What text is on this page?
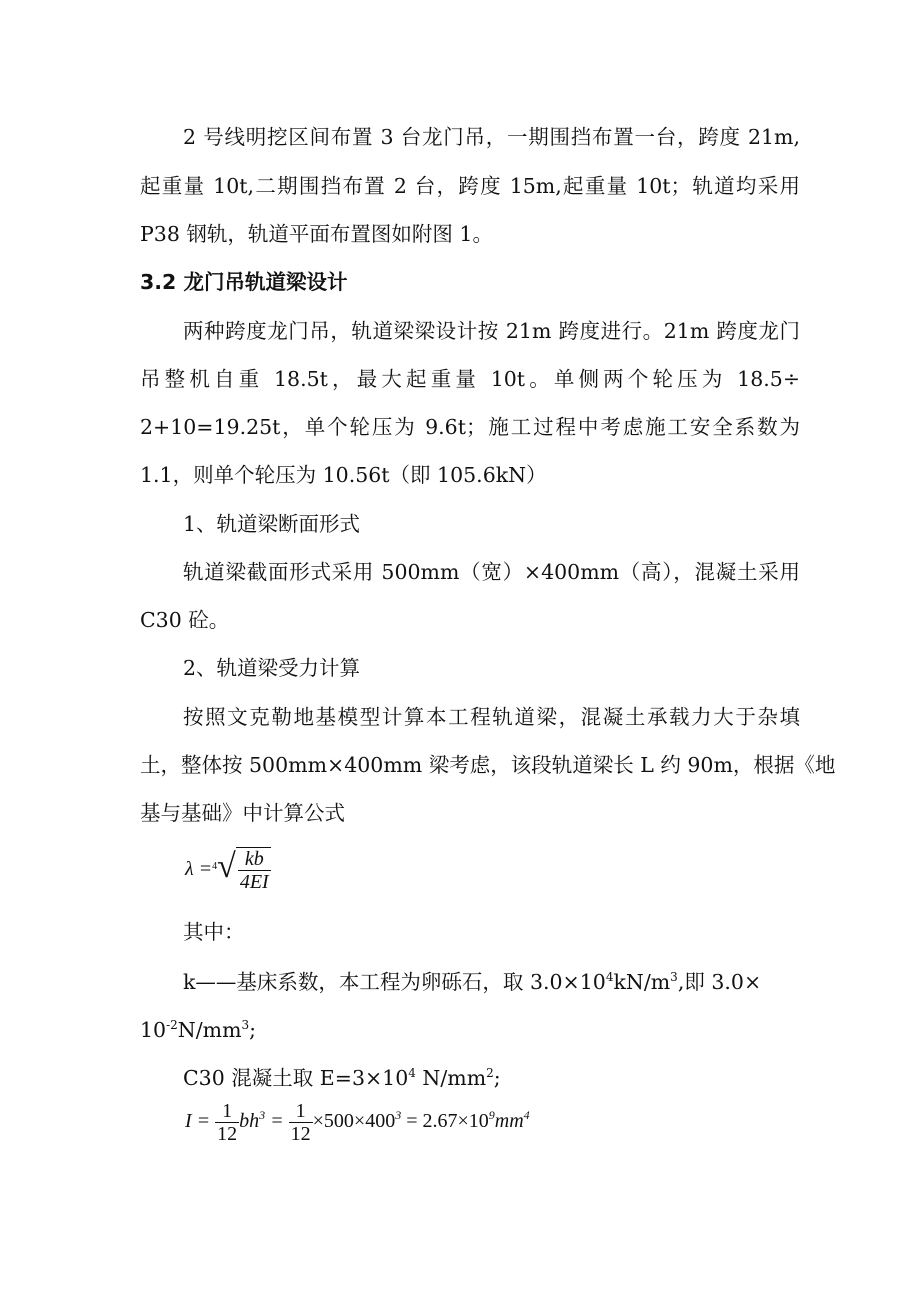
2 号线明挖区间布置 3 台龙门吊，一期围挡布置一台，跨度 21m,
起重量 10t,二期围挡布置 2 台，跨度 15m,起重量 10t；轨道均采用
P38 钢轨，轨道平面布置图如附图 1。
3.2 龙门吊轨道梁设计
两种跨度龙门吊，轨道梁梁设计按 21m 跨度进行。21m 跨度龙门
吊整机自重 18.5t，最大起重量 10t。单侧两个轮压为 18.5÷
2+10=19.25t，单个轮压为 9.6t；施工过程中考虑施工安全系数为
1.1，则单个轮压为 10.56t（即 105.6kN）
1、轨道梁断面形式
轨道梁截面形式采用 500mm（宽）×400mm（高），混凝土采用
C30 砼。
2、轨道梁受力计算
按照文克勒地基模型计算本工程轨道梁，混凝土承载力大于杂填
土，整体按 500mm×400mm 梁考虑，该段轨道梁长 L 约 90m，根据《地
基与基础》中计算公式
$\lambda =^4√ \frac{kb}{4EI}$
其中：
k——基床系数，本工程为卵砾石，取 $3.0\times 10^4kN/m^3$,即 3.0×
$10^{-2}N/mm^3$;
C30 混凝土取 $E=3\times 10^4$ $N/mm^2$;
$I = \frac{1}{12} bh^3 = \frac{1}{12} \times 500\times 400^3 = 2.67\times 10^9mm^4$
